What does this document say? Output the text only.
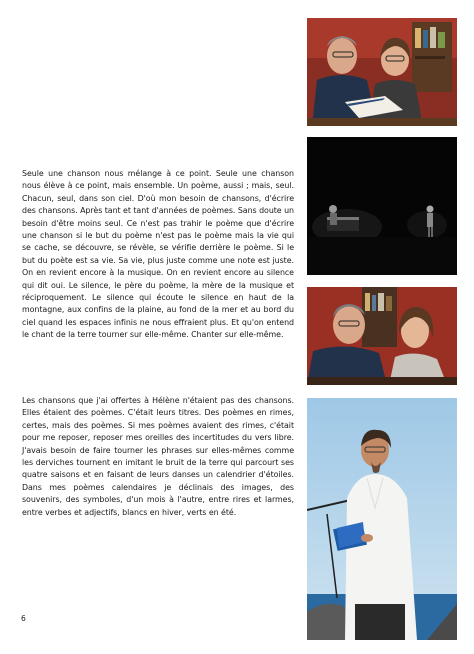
Seule une chanson nous mélange à ce point. Seule une chanson nous élève à ce point, mais ensemble. Un poème, aussi ; mais, seul. Chacun, seul, dans son ciel. D'où mon besoin de chansons, d'écrire des chansons. Après tant et tant d'années de poèmes. Sans doute un besoin d'être moins seul. Ce n'est pas trahir le poème que d'écrire une chanson si le but du poème n'est pas le poème mais la vie qui se cache, se découvre, se révèle, se vérifie derrière le poème. Si le but du poète est sa vie. Sa vie, plus juste comme une note est juste. On en revient encore à la musique. On en revient encore au silence qui dit oui. Le silence, le père du poème, la mère de la musique et réciproquement. Le silence qui écoute le silence en haut de la montagne, aux confins de la plaine, au fond de la mer et au bord du ciel quand les espaces infinis ne nous effraient plus. Et qu'on entend le chant de la terre tourner sur elle-même. Chanter sur elle-même.

Les chansons que j'ai offertes à Hélène n'étaient pas des chansons. Elles étaient des poèmes. C'était leurs titres. Des poèmes en rimes, certes, mais des poèmes. Si mes poèmes avaient des rimes, c'était pour me reposer, reposer mes oreilles des incertitudes du vers libre. J'avais besoin de faire tourner les phrases sur elles-mêmes comme les derviches tournent en imitant le bruit de la terre qui parcourt ses quatre saisons et en faisant de leurs danses un calendrier d'étoiles. Dans mes poèmes calendaires je déclinais des images, des souvenirs, des symboles, d'un mois à l'autre, entre rires et larmes, entre verbes et adjectifs, blancs en hiver, verts en été.

6
